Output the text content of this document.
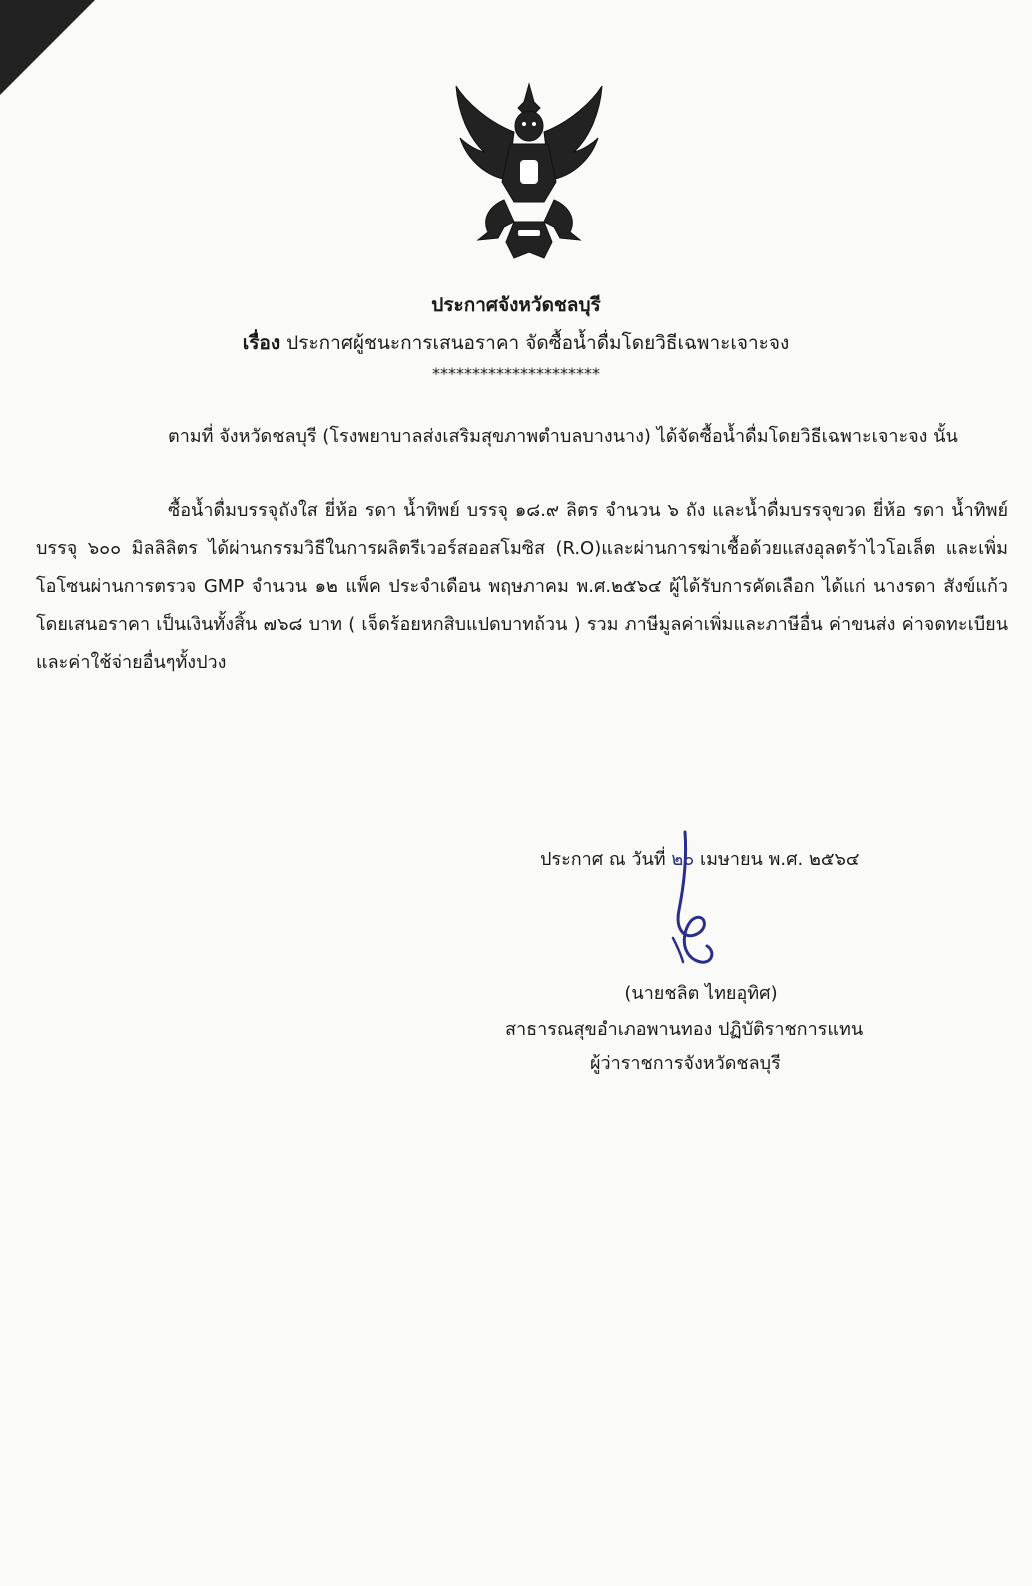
ประกาศจังหวัดชลบุรี
เรื่อง ประกาศผู้ชนะการเสนอราคา จัดซื้อน้ำดื่มโดยวิธีเฉพาะเจาะจง
*********************
ตามที่ จังหวัดชลบุรี (โรงพยาบาลส่งเสริมสุขภาพตำบลบางนาง) ได้จัดซื้อน้ำดื่มโดยวิธีเฉพาะเจาะจง นั้น
ซื้อน้ำดื่มบรรจุถังใส ยี่ห้อ รดา น้ำทิพย์ บรรจุ ๑๘.๙ ลิตร จำนวน ๖ ถัง และน้ำดื่มบรรจุขวด ยี่ห้อ รดา น้ำทิพย์ บรรจุ ๖๐๐ มิลลิลิตร ได้ผ่านกรรมวิธีในการผลิตรีเวอร์สออสโมซิส (R.O)และผ่านการฆ่าเชื้อด้วยแสงอุลตร้าไวโอเล็ต และเพิ่มโอโซนผ่านการตรวจ GMP จำนวน ๑๒ แพ็ค ประจำเดือน พฤษภาคม พ.ศ.๒๕๖๔ ผู้ได้รับการคัดเลือก ได้แก่ นางรดา สังข์แก้ว โดยเสนอราคา เป็นเงินทั้งสิ้น ๗๖๘ บาท ( เจ็ดร้อยหกสิบแปดบาทถ้วน ) รวม ภาษีมูลค่าเพิ่มและภาษีอื่น ค่าขนส่ง ค่าจดทะเบียน และค่าใช้จ่ายอื่นๆทั้งปวง
ประกาศ ณ วันที่ ๒๐ เมษายน พ.ศ. ๒๕๖๔
(นายชลิต ไทยอุทิศ)
สาธารณสุขอำเภอพานทอง ปฏิบัติราชการแทน
ผู้ว่าราชการจังหวัดชลบุรี
